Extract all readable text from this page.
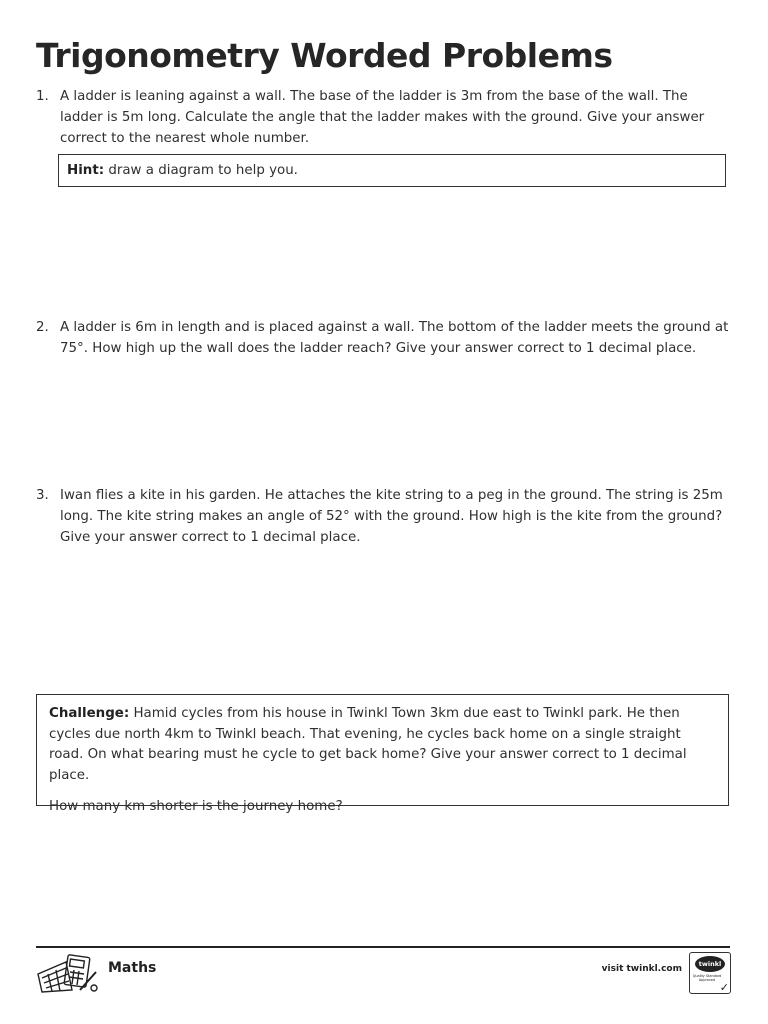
Trigonometry Worded Problems
1. A ladder is leaning against a wall. The base of the ladder is 3m from the base of the wall. The ladder is 5m long. Calculate the angle that the ladder makes with the ground. Give your answer correct to the nearest whole number.
Hint: draw a diagram to help you.
2. A ladder is 6m in length and is placed against a wall. The bottom of the ladder meets the ground at 75°. How high up the wall does the ladder reach? Give your answer correct to 1 decimal place.
3. Iwan flies a kite in his garden. He attaches the kite string to a peg in the ground. The string is 25m long. The kite string makes an angle of 52° with the ground. How high is the kite from the ground? Give your answer correct to 1 decimal place.

Challenge: Hamid cycles from his house in Twinkl Town 3km due east to Twinkl park. He then cycles due north 4km to Twinkl beach. That evening, he cycles back home on a single straight road. On what bearing must he cycle to get back home? Give your answer correct to 1 decimal place.

How many km shorter is the journey home?

Maths	visit twinkl.com	twinkl
Quality Standard Approved
✓
